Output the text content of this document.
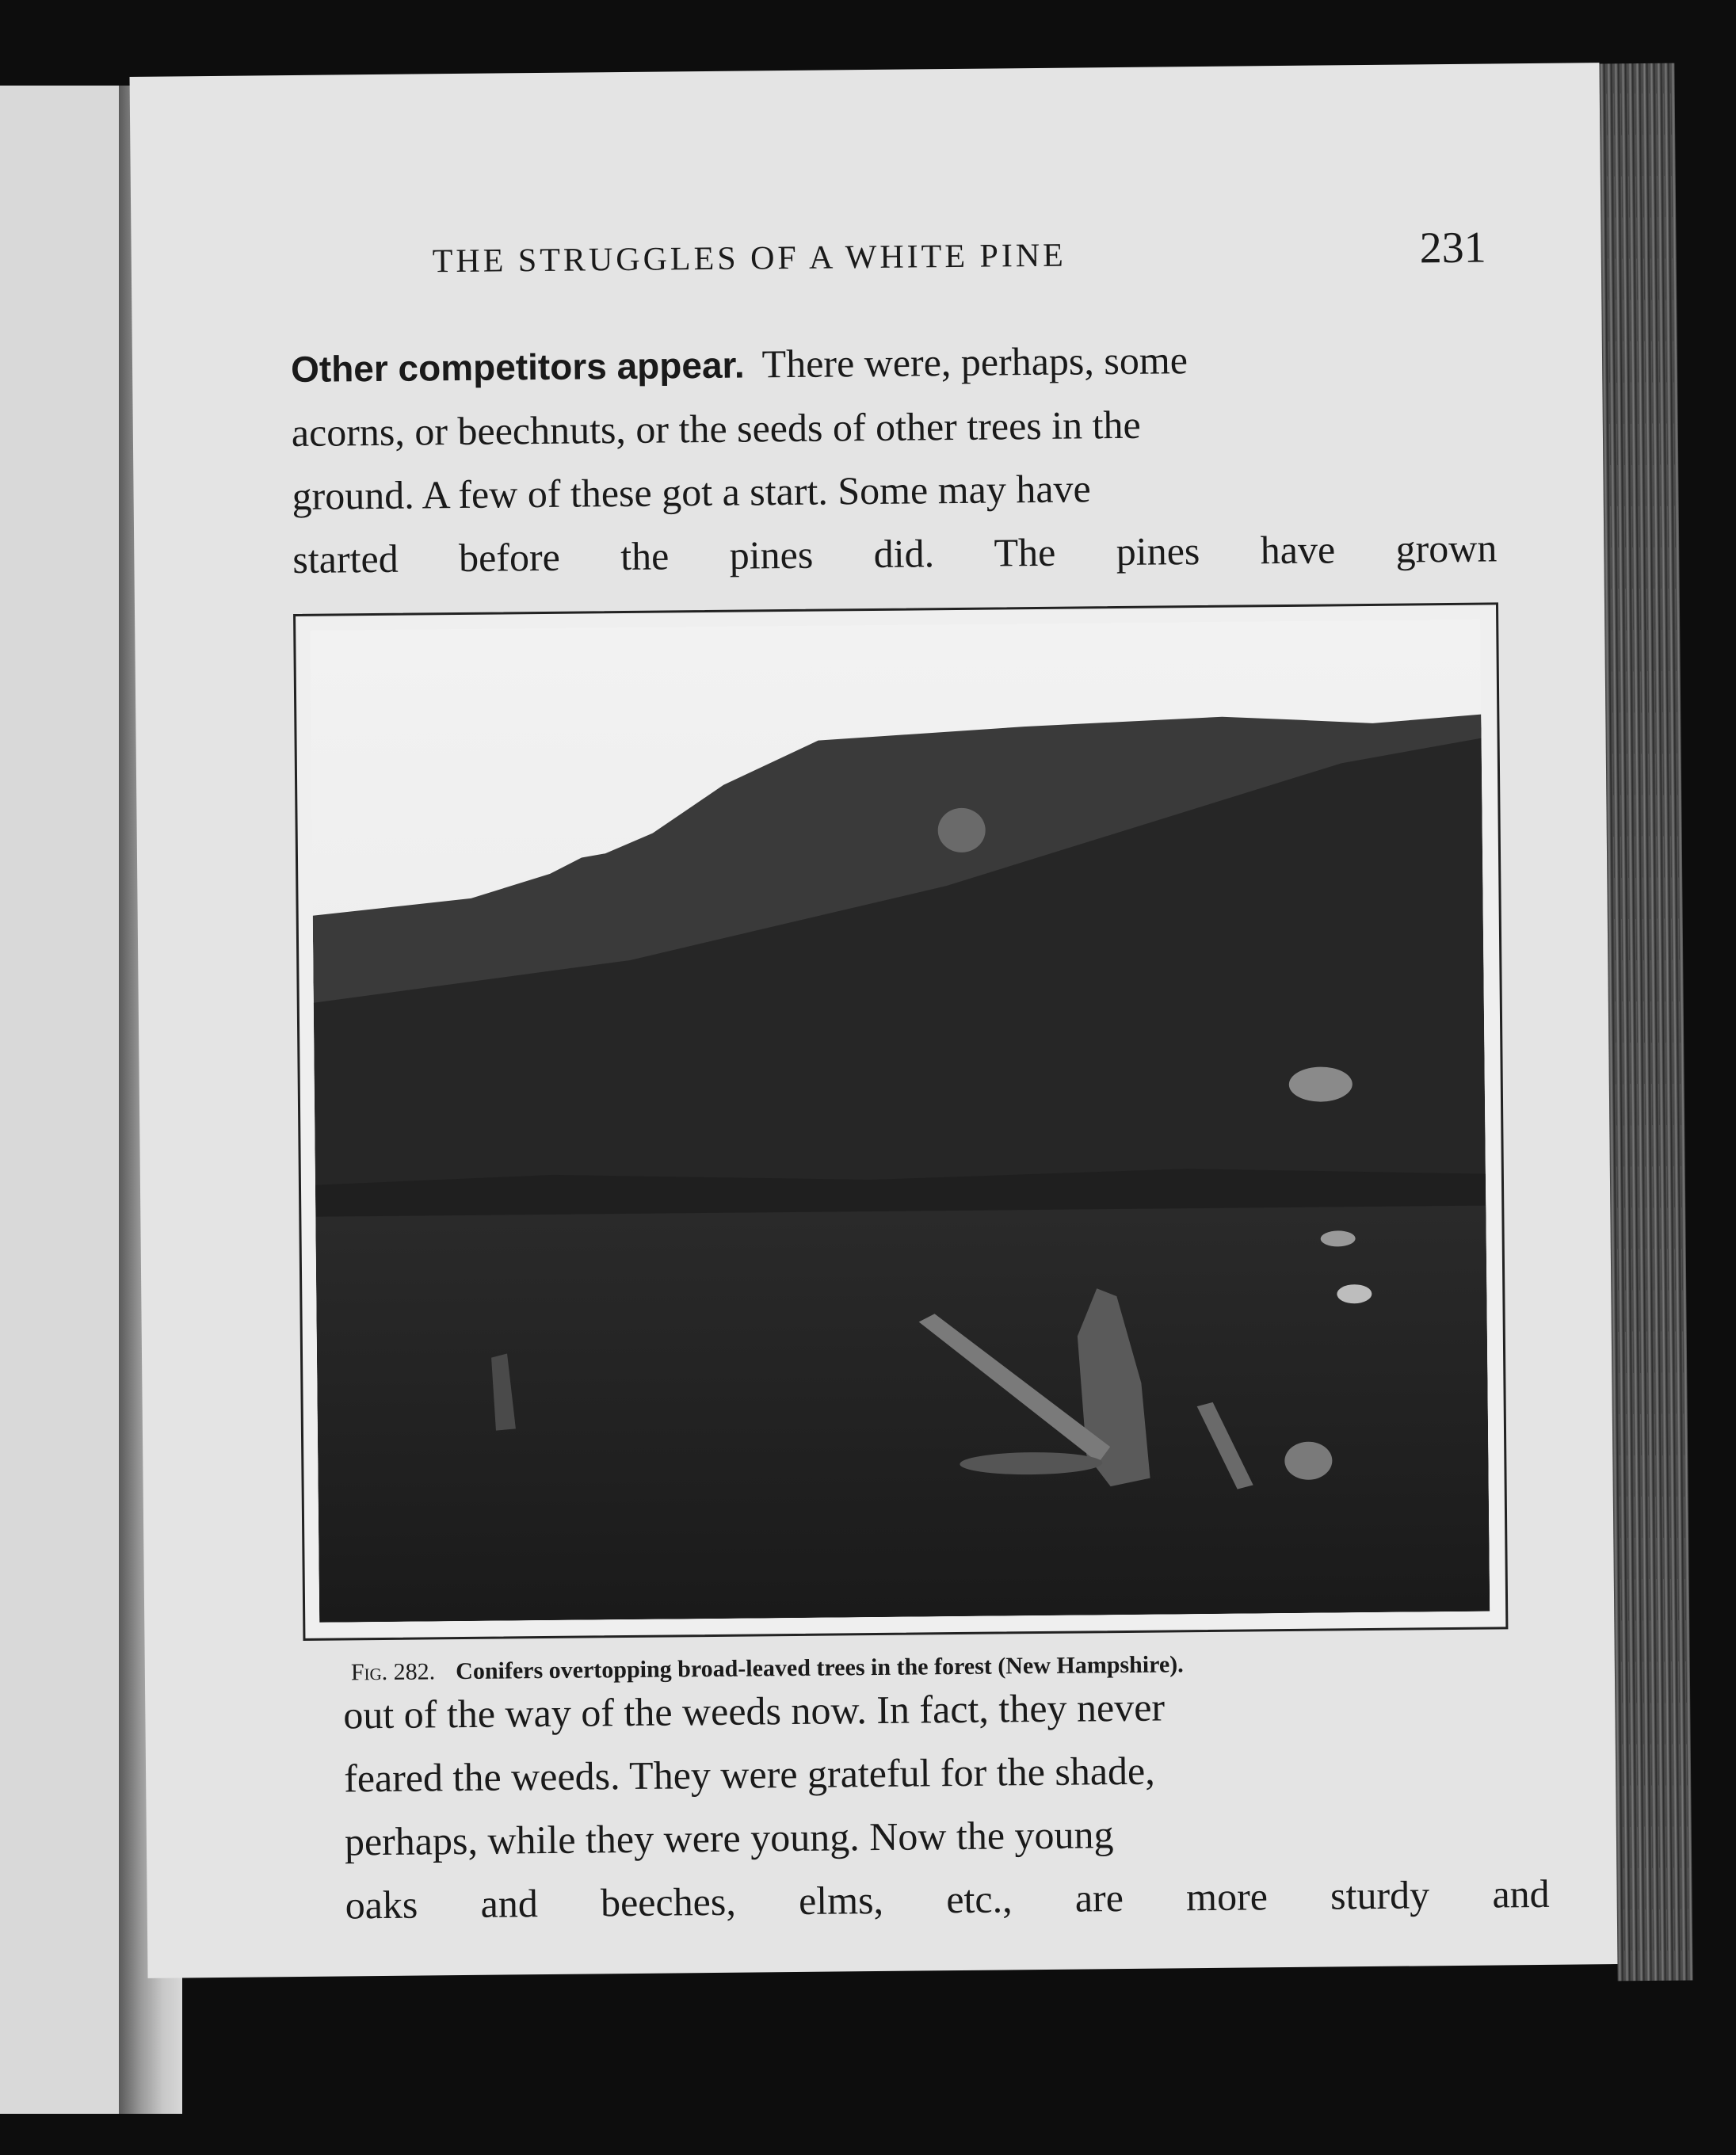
THE STRUGGLES OF A WHITE PINE	231
Other competitors appear. There were, perhaps, some
acorns, or beechnuts, or the seeds of other trees in the
ground. A few of these got a start. Some may have
started before the pines did. The pines have grown
Fig. 282. Conifers overtopping broad-leaved trees in the forest (New Hampshire).
out of the way of the weeds now. In fact, they never
feared the weeds. They were grateful for the shade,
perhaps, while they were young. Now the young
oaks and beeches, elms, etc., are more sturdy and
